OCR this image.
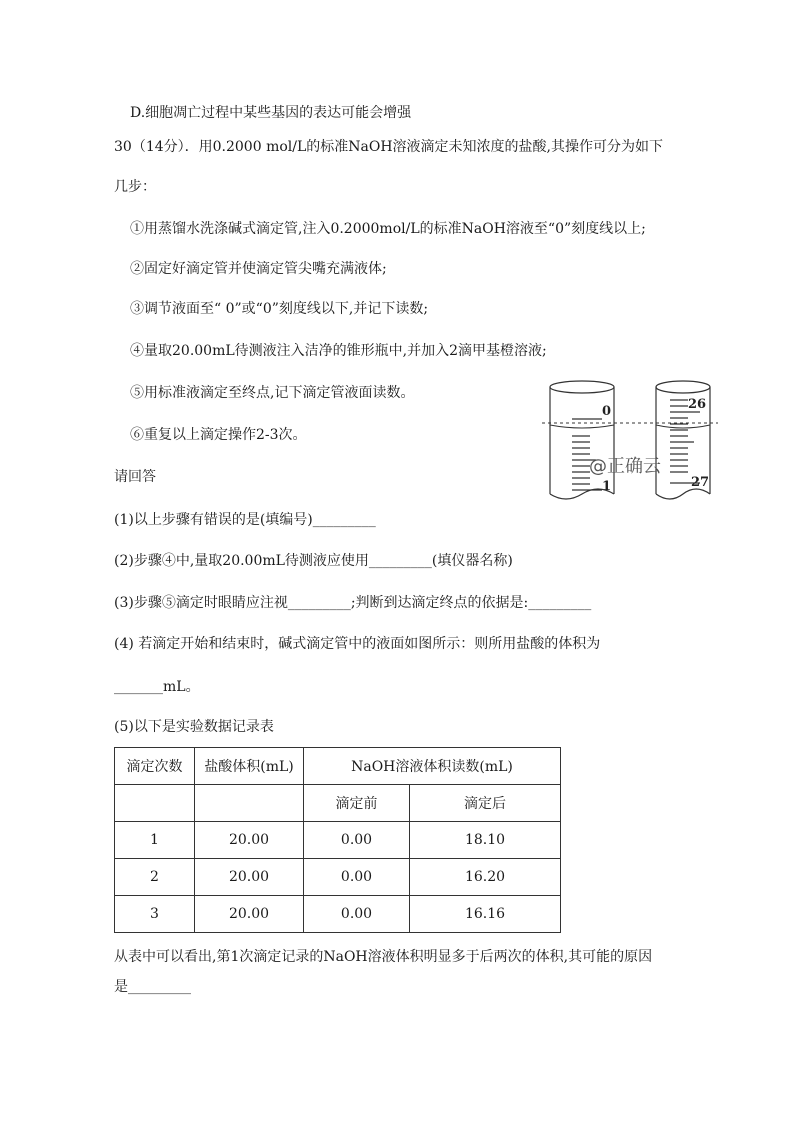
D.细胞凋亡过程中某些基因的表达可能会增强
30（14分）．用0.2000 mol/L的标准NaOH溶液滴定未知浓度的盐酸,其操作可分为如下
几步：
①用蒸馏水洗涤碱式滴定管,注入0.2000mol/L的标准NaOH溶液至“0”刻度线以上;
②固定好滴定管并使滴定管尖嘴充满液体;
③调节液面至“ 0”或“0”刻度线以下,并记下读数;
④量取20.00mL待测液注入洁净的锥形瓶中,并加入2滴甲基橙溶液;
⑤用标准液滴定至终点,记下滴定管液面读数。
⑥重复以上滴定操作2-3次。
请回答
(1)以上步骤有错误的是(填编号)_________
(2)步骤④中,量取20.00mL待测液应使用_________(填仪器名称)
(3)步骤⑤滴定时眼睛应注视_________;判断到达滴定终点的依据是:_________
(4) 若滴定开始和结束时，碱式滴定管中的液面如图所示：则所用盐酸的体积为
_______mL。
(5)以下是实验数据记录表
0
1
26
27
@正确云
滴定次数	盐酸体积(mL)	NaOH溶液体积读数(mL)	
		滴定前	滴定后
1	20.00	0.00	18.10
2	20.00	0.00	16.20
3	20.00	0.00	16.16
从表中可以看出,第1次滴定记录的NaOH溶液体积明显多于后两次的体积,其可能的原因
是_________
